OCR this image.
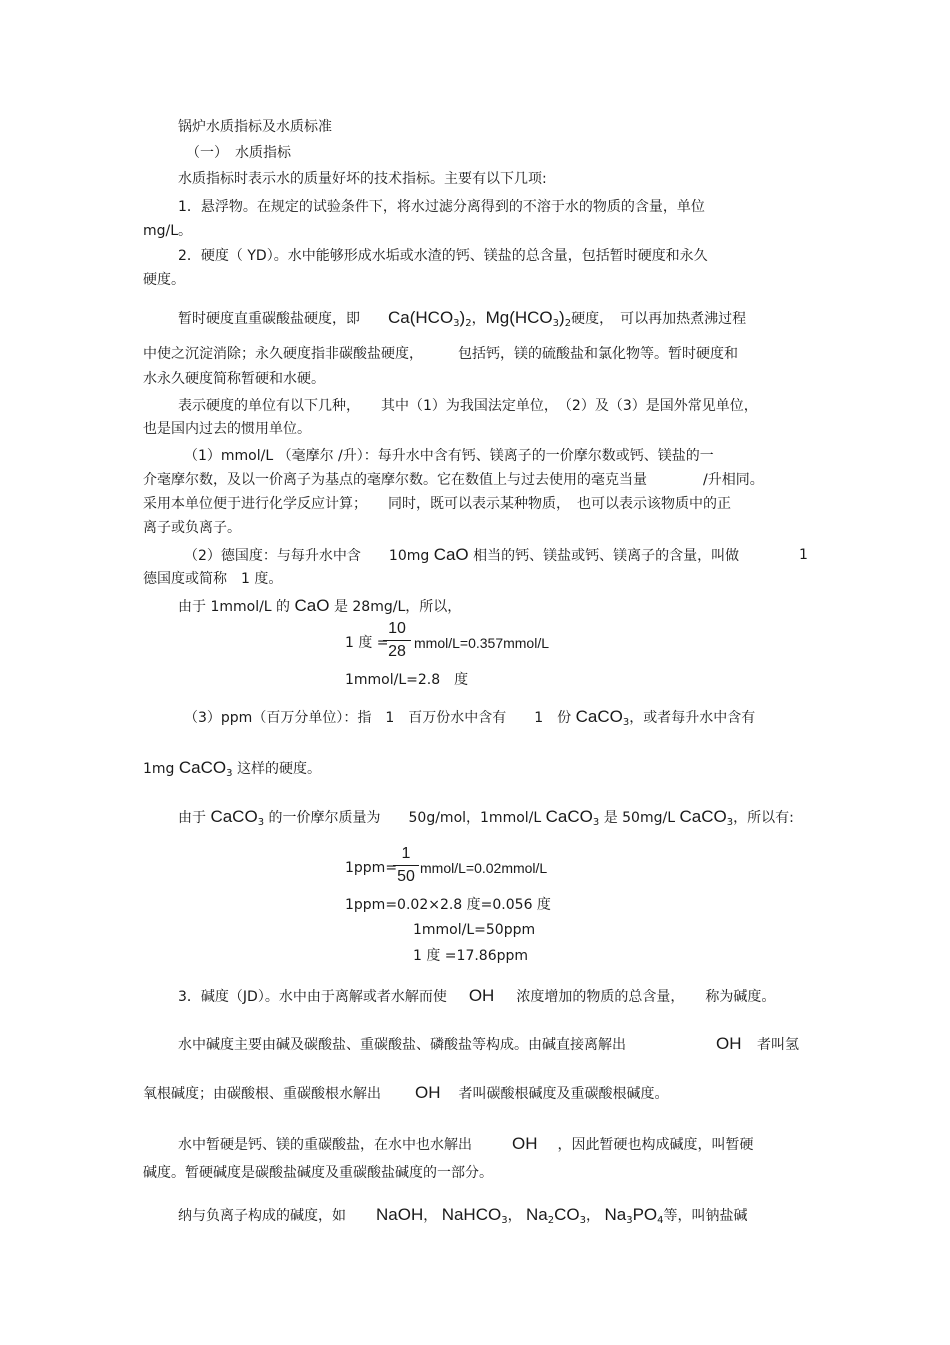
锅炉水质指标及水质标准
（一）　水质指标
水质指标时表示水的质量好坏的技术指标。主要有以下几项:
1．悬浮物。在规定的试验条件下，将水过滤分离得到的不溶于水的物质的含量，单位
mg/L。
2．硬度（ YD）。水中能够形成水垢或水渣的钙、镁盐的总含量，包括暂时硬度和永久
硬度。
暂时硬度直重碳酸盐硬度，即 $Ca(HCO_3)_2$，$Mg(HCO_3)_2$硬度，　可以再加热煮沸过程
中使之沉淀消除；永久硬度指非碳酸盐硬度，　　　包括钙，镁的硫酸盐和氯化物等。暂时硬度和
水永久硬度简称暂硬和水硬。
表示硬度的单位有以下几种，　　其中（1）为我国法定单位，　（2）及（3）是国外常见单位，
也是国内过去的惯用单位。
（1）mmol/L （毫摩尔 /升）：每升水中含有钙、镁离子的一价摩尔数或钙、镁盐的一
介毫摩尔数，及以一价离子为基点的毫摩尔数。它在数值上与过去使用的毫克当量　　　　/升相同。
采用本单位便于进行化学反应计算；　　同时，既可以表示某种物质，　也可以表示该物质中的正
离子或负离子。
（2）德国度：与每升水中含　　10mg CaO 相当的钙、镁盐或钙、镁离子的含量，叫做	1
德国度或简称　1 度。
由于 1mmol/L 的 CaO 是 28mg/L，所以，
1 度 =
10
28 mmol/L=0.357mmol/L
1mmol/L=2.8　度
（3）ppm（百万分单位）：指　1　百万份水中含有　　1　份 CaCO$_3$，或者每升水中含有
1mg CaCO$_3$ 这样的硬度。
由于 CaCO$_3$ 的一价摩尔质量为　　50g/mol，1mmol/L CaCO$_3$ 是 50mg/L CaCO$_3$，所以有:
1ppm=
1
50 mmol/L=0.02mmol/L
1ppm=0.02×2.8 度=0.056 度
1mmol/L=50ppm
1 度 =17.86ppm
3．碱度（JD）。水中由于离解或者水解而使 OH 浓度增加的物质的总含量，　　称为碱度。
水中碱度主要由碱及碳酸盐、重碳酸盐、磷酸盐等构成。由碱直接离解出	OH 者叫氢
氧根碱度；由碳酸根、重碳酸根水解出 OH 者叫碳酸根碱度及重碳酸根碱度。
水中暂硬是钙、镁的重碳酸盐，在水中也水解出 OH ，因此暂硬也构成碱度，叫暂硬
碱度。暂硬碱度是碳酸盐碱度及重碳酸盐碱度的一部分。
纳与负离子构成的碱度，如 NaOH， NaHCO$_3$， $Na_2CO_3$， $Na_3PO_4$等，叫钠盐碱
